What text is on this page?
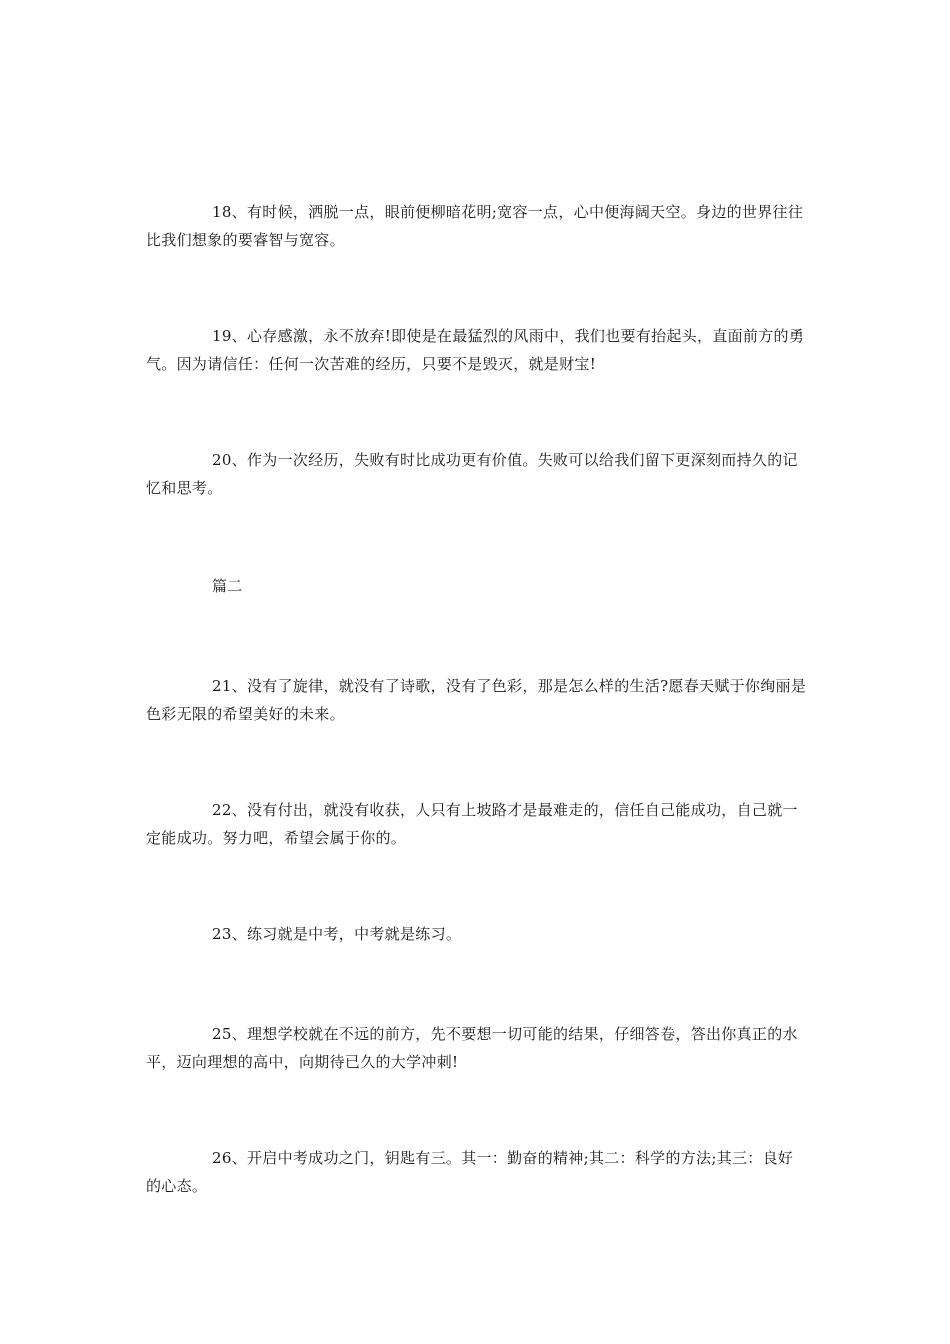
18、有时候，洒脱一点，眼前便柳暗花明;宽容一点，心中便海阔天空。身边的世界往往比我们想象的要睿智与宽容。

19、心存感激，永不放弃!即使是在最猛烈的风雨中，我们也要有抬起头，直面前方的勇气。因为请信任：任何一次苦难的经历，只要不是毁灭，就是财宝!

20、作为一次经历，失败有时比成功更有价值。失败可以给我们留下更深刻而持久的记忆和思考。

篇二

21、没有了旋律，就没有了诗歌，没有了色彩，那是怎么样的生活?愿春天赋于你绚丽是色彩无限的希望美好的未来。

22、没有付出，就没有收获，人只有上坡路才是最难走的，信任自己能成功，自己就一定能成功。努力吧，希望会属于你的。

23、练习就是中考，中考就是练习。

25、理想学校就在不远的前方，先不要想一切可能的结果，仔细答卷，答出你真正的水平，迈向理想的高中，向期待已久的大学冲刺!

26、开启中考成功之门，钥匙有三。其一：勤奋的精神;其二：科学的方法;其三：良好的心态。
